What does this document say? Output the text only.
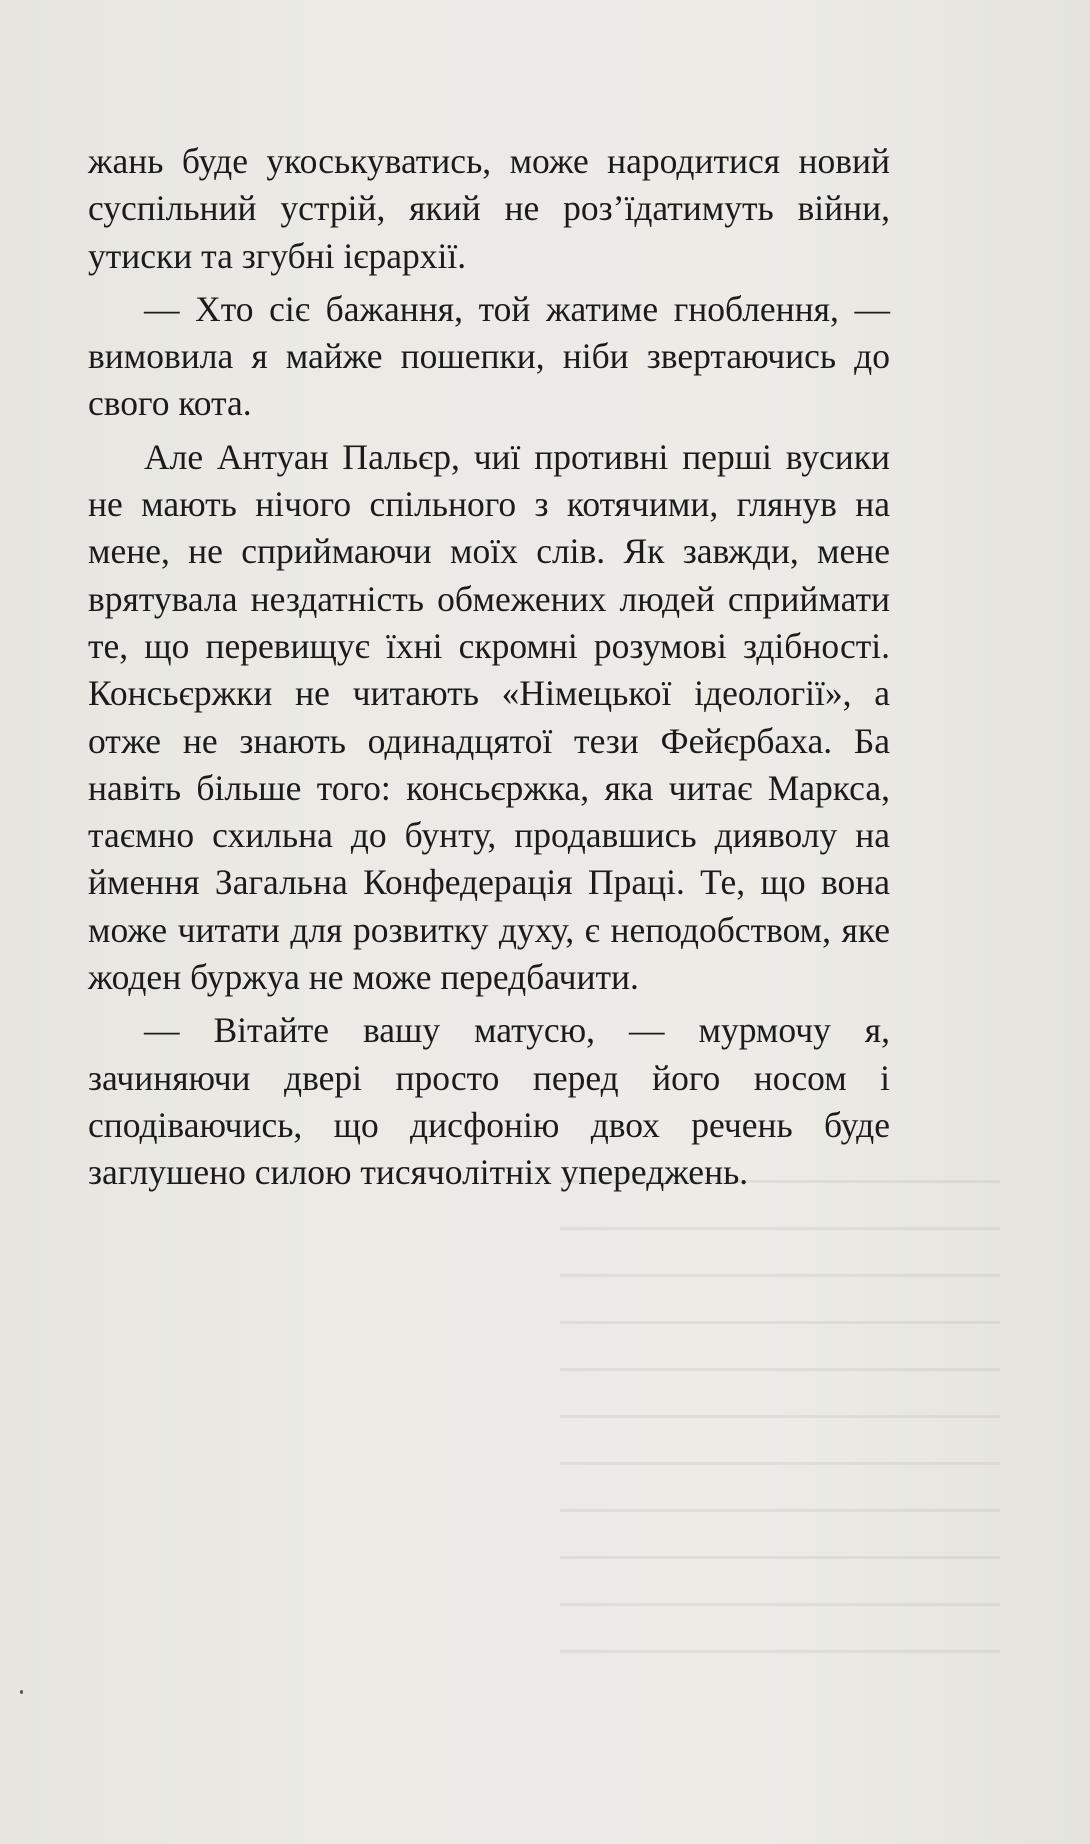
жань буде укоськуватись, може народитися новий суспільний устрій, який не роз’їдатимуть війни, утиски та згубні ієрархії.

— Хто сіє бажання, той жатиме гноблення, — вимовила я майже пошепки, ніби звертаючись до свого кота.

Але Антуан Пальєр, чиї противні перші вусики не мають нічого спільного з котячими, глянув на мене, не сприймаючи моїх слів. Як завжди, мене врятувала нездатність обмежених людей сприймати те, що перевищує їхні скромні розумові здібності. Консьєржки не читають «Німецької ідеології», а отже не знають одинадцятої тези Фейєрбаха. Ба навіть більше того: консьєржка, яка читає Маркса, таємно схильна до бунту, продавшись дияволу на ймення Загальна Конфедерація Праці. Те, що вона може читати для розвитку духу, є неподобством, яке жоден буржуа не може передбачити.

— Вітайте вашу матусю, — мурмочу я, зачиняючи двері просто перед його носом і сподіваючись, що дисфонію двох речень буде заглушено силою тисячолітніх упереджень.
